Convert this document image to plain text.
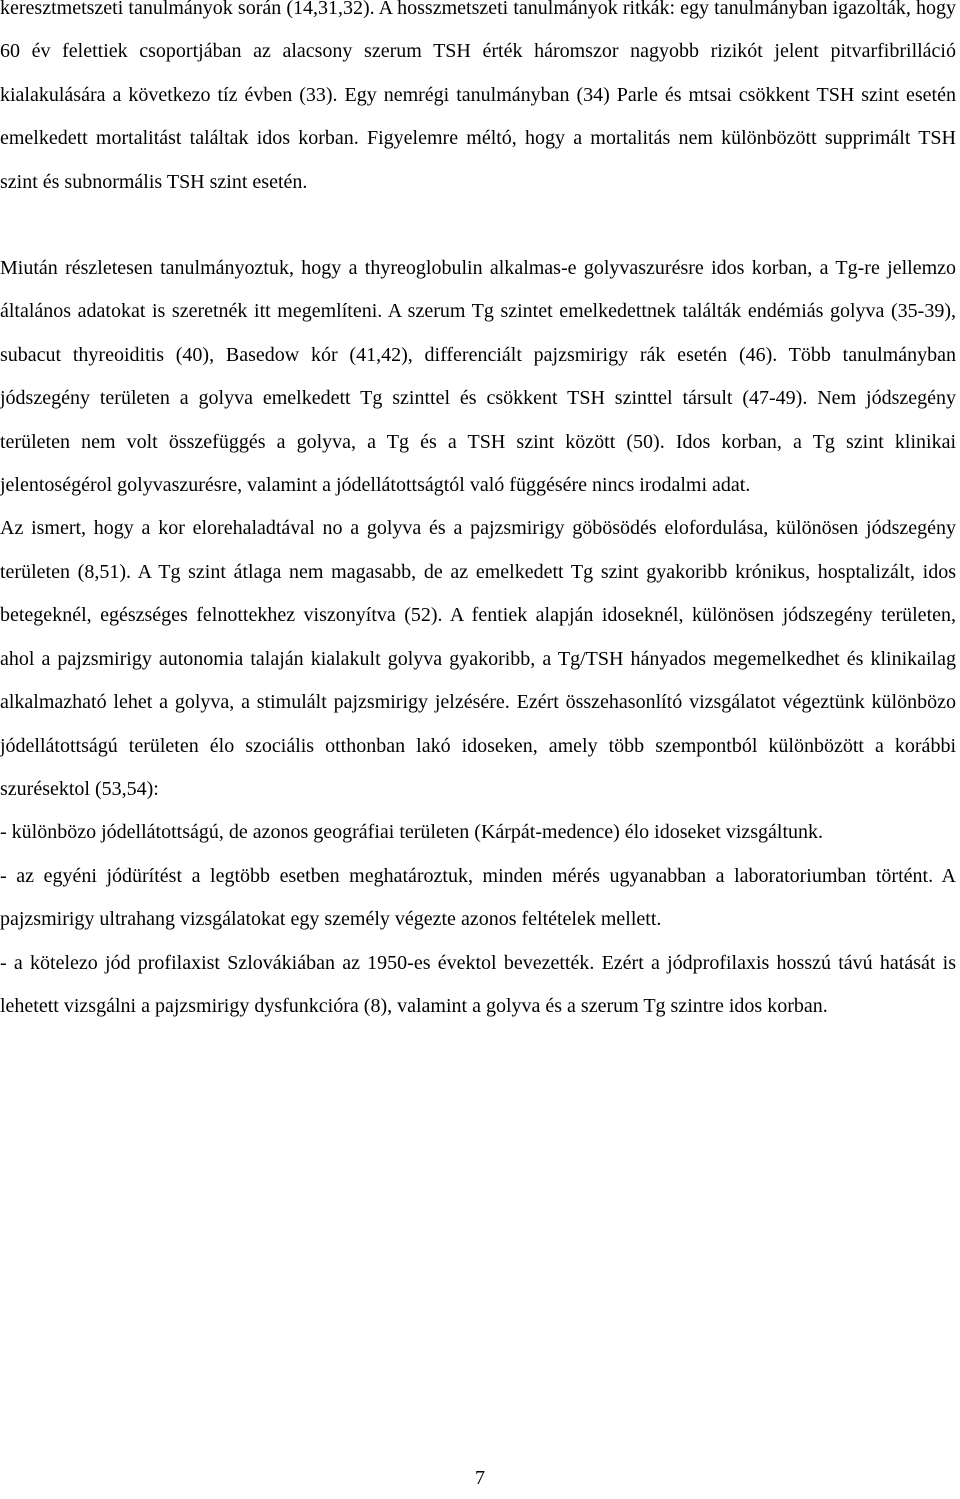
keresztmetszeti tanulmányok során (14,31,32). A hosszmetszeti tanulmányok ritkák: egy tanulmányban igazolták, hogy 60 év felettiek csoportjában az alacsony szerum TSH érték háromszor nagyobb rizikót jelent pitvarfibrilláció kialakulására a következo tíz évben (33). Egy nemrégi tanulmányban (34) Parle és mtsai csökkent TSH szint esetén emelkedett mortalitást találtak idos korban. Figyelemre méltó, hogy a mortalitás nem különbözött supprimált TSH szint és subnormális TSH szint esetén.

Miután részletesen tanulmányoztuk, hogy a thyreoglobulin alkalmas-e golyvaszurésre idos korban, a Tg-re jellemzo általános adatokat is szeretnék itt megemlíteni. A szerum Tg szintet emelkedettnek találták endémiás golyva (35-39), subacut thyreoiditis (40), Basedow kór (41,42), differenciált pajzsmirigy rák esetén (46). Több tanulmányban jódszegény területen a golyva emelkedett Tg szinttel és csökkent TSH szinttel társult (47-49). Nem jódszegény területen nem volt összefüggés a golyva, a Tg és a TSH szint között (50). Idos korban, a Tg szint klinikai jelentoségérol golyvaszurésre, valamint a jódellátottságtól való függésére nincs irodalmi adat.

Az ismert, hogy a kor elorehaladtával no a golyva és a pajzsmirigy göbösödés elofordulása, különösen jódszegény területen (8,51). A Tg szint átlaga nem magasabb, de az emelkedett Tg szint gyakoribb krónikus, hosptalizált, idos betegeknél, egészséges felnottekhez viszonyítva (52). A fentiek alapján idoseknél, különösen jódszegény területen, ahol a pajzsmirigy autonomia talaján kialakult golyva gyakoribb, a Tg/TSH hányados megemelkedhet és klinikailag alkalmazható lehet a golyva, a stimulált pajzsmirigy jelzésére. Ezért összehasonlító vizsgálatot végeztünk különbözo jódellátottságú területen élo szociális otthonban lakó idoseken, amely több szempontból különbözött a korábbi szurésektol (53,54):

- különbözo jódellátottságú, de azonos geográfiai területen (Kárpát-medence) élo idoseket vizsgáltunk.

- az egyéni jódürítést a legtöbb esetben meghatároztuk, minden mérés ugyanabban a laboratoriumban történt. A pajzsmirigy ultrahang vizsgálatokat egy személy végezte azonos feltételek mellett.

- a kötelezo jód profilaxist Szlovákiában az 1950-es évektol bevezették. Ezért a jódprofilaxis hosszú távú hatását is lehetett vizsgálni a pajzsmirigy dysfunkcióra (8), valamint a golyva és a szerum Tg szintre idos korban.

7
